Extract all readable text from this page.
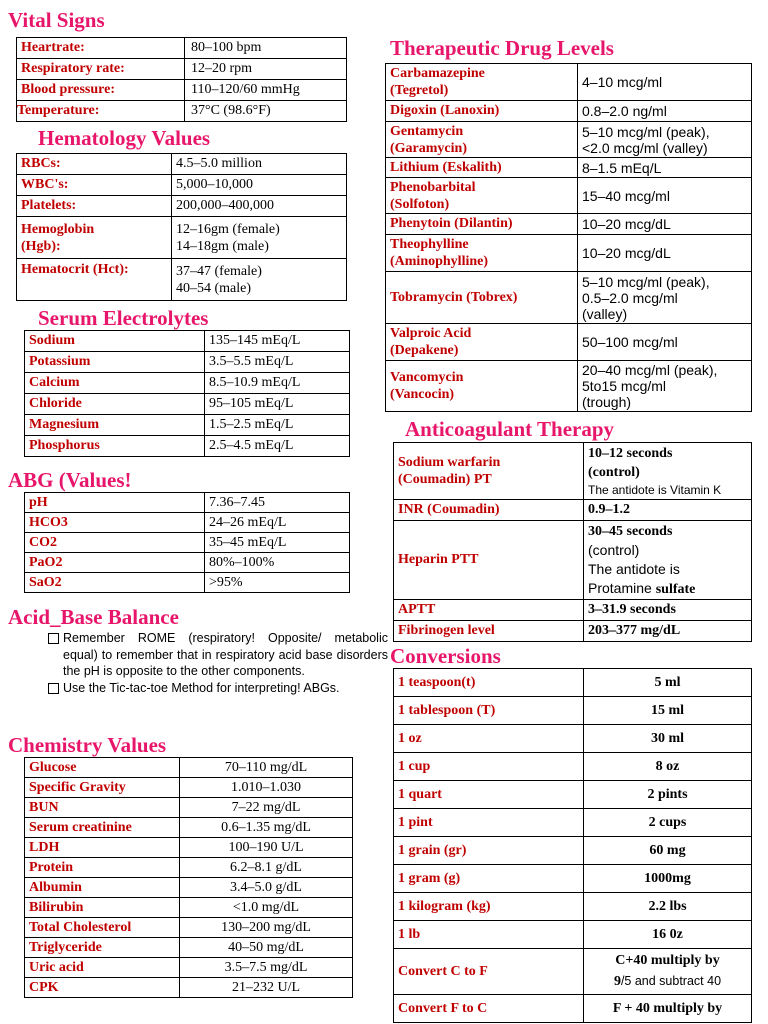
Vital Signs
Heartrate:	80–100 bpm
Respiratory rate:	12–20 rpm
Blood pressure:	110–120/60 mmHg
Temperature:	37°C (98.6°F)
Hematology Values
RBCs:	4.5–5.0 million
WBC's:	5,000–10,000
Platelets:	200,000–400,000

Hemoglobin
(Hgb):	12–16gm (female)
14–18gm (male)

Hematocrit (Hct):	37–47 (female)
40–54 (male)
Serum Electrolytes
Sodium	135–145 mEq/L
Potassium	3.5–5.5 mEq/L
Calcium	8.5–10.9 mEq/L
Chloride	95–105 mEq/L
Magnesium	1.5–2.5 mEq/L
Phosphorus	2.5–4.5 mEq/L
ABG (Values!
pH	7.36–7.45
HCO3	24–26 mEq/L
CO2	35–45 mEq/L
PaO2	80%–100%
SaO2	>95%
Acid_Base Balance
Remember ROME (respiratory! Opposite/ metabolic equal) to remember that in respiratory acid base disorders the pH is opposite to the other components.
Use the Tic-tac-toe Method for interpreting! ABGs.
Chemistry Values
Glucose	70–110 mg/dL
Specific Gravity	1.010–1.030
BUN	7–22 mg/dL
Serum creatinine	0.6–1.35 mg/dL
LDH	100–190 U/L
Protein	6.2–8.1 g/dL
Albumin	3.4–5.0 g/dL
Bilirubin	<1.0 mg/dL
Total Cholesterol	130–200 mg/dL
Triglyceride	40–50 mg/dL
Uric acid	3.5–7.5 mg/dL
CPK	21–232 U/L
Therapeutic Drug Levels
Carbamazepine
(Tegretol)	4–10 mcg/ml
Digoxin (Lanoxin)	0.8–2.0 ng/ml

Gentamycin
(Garamycin)	5–10 mcg/ml (peak),
<2.0 mcg/ml (valley)

Lithium (Eskalith)	8–1.5 mEq/L

Phenobarbital
(Solfoton)	15–40 mcg/ml
Phenytoin (Dilantin)	10–20 mcg/dL

Theophylline
(Aminophylline)	10–20 mcg/dL
Tobramycin (Tobrex)	5–10 mcg/ml (peak),
0.5–2.0 mcg/ml
(valley)

Valproic Acid
(Depakene)	50–100 mcg/ml

Vancomycin
(Vancocin)	20–40 mcg/ml (peak),
5to15 mcg/ml
(trough)
Anticoagulant Therapy
Sodium warfarin
(Coumadin) PT	10–12 seconds
(control)
The antidote is Vitamin K

INR (Coumadin)	0.9–1.2
Heparin PTT	30–45 seconds
(control)
The antidote is
Protamine sulfate

APTT	3–31.9 seconds
Fibrinogen level	203–377 mg/dL
Conversions
1 teaspoon(t)	5 ml
1 tablespoon (T)	15 ml
1 oz	30 ml
1 cup	8 oz
1 quart	2 pints
1 pint	2 cups
1 grain (gr)	60 mg
1 gram (g)	1000mg
1 kilogram (kg)	2.2 lbs
1 lb	16 0z
Convert C to F	C+40 multiply by
9/5 and subtract 40

Convert F to C	F + 40 multiply by
